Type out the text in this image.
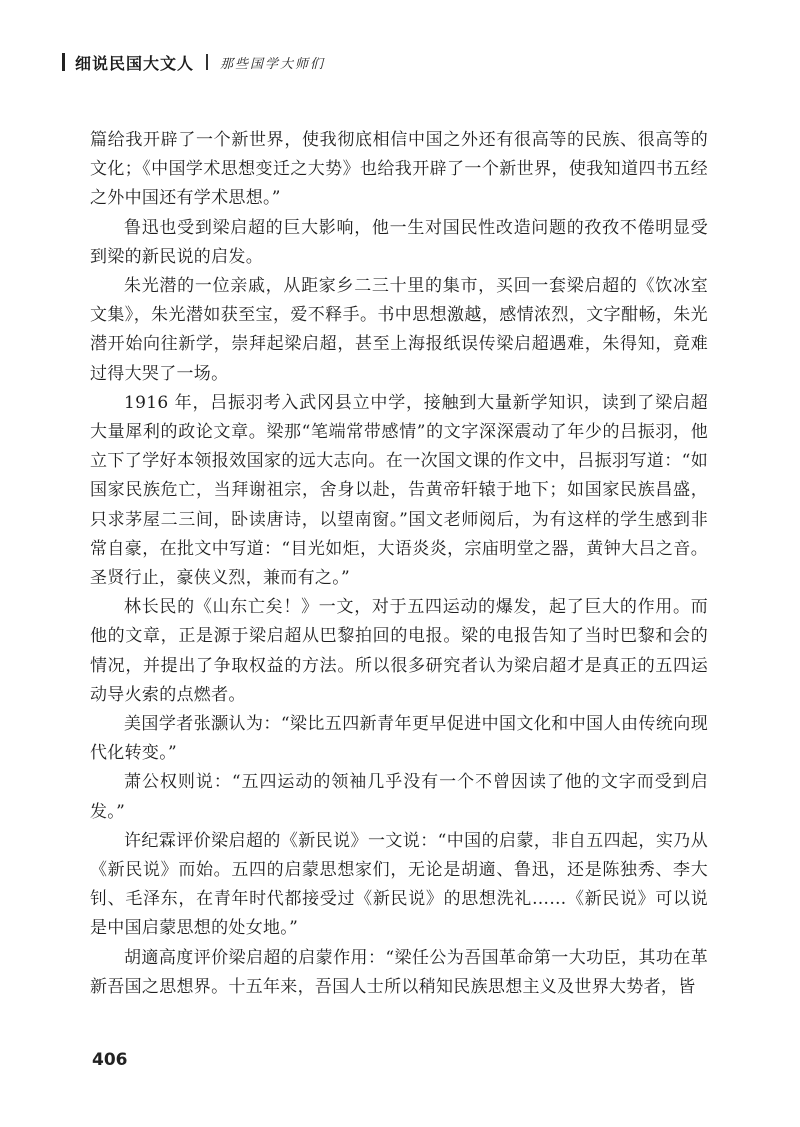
细说民国大文人 那些国学大师们

篇给我开辟了一个新世界，使我彻底相信中国之外还有很高等的民族、很高等的文化；《中国学术思想变迁之大势》也给我开辟了一个新世界，使我知道四书五经之外中国还有学术思想。”

鲁迅也受到梁启超的巨大影响，他一生对国民性改造问题的孜孜不倦明显受到梁的新民说的启发。

朱光潜的一位亲戚，从距家乡二三十里的集市，买回一套梁启超的《饮冰室文集》，朱光潜如获至宝，爱不释手。书中思想激越，感情浓烈，文字酣畅，朱光潜开始向往新学，崇拜起梁启超，甚至上海报纸误传梁启超遇难，朱得知，竟难过得大哭了一场。

1916 年，吕振羽考入武冈县立中学，接触到大量新学知识，读到了梁启超大量犀利的政论文章。梁那“笔端常带感情”的文字深深震动了年少的吕振羽，他立下了学好本领报效国家的远大志向。在一次国文课的作文中，吕振羽写道：“如国家民族危亡，当拜谢祖宗，舍身以赴，告黄帝轩辕于地下；如国家民族昌盛，只求茅屋二三间，卧读唐诗，以望南窗。”国文老师阅后，为有这样的学生感到非常自豪，在批文中写道：“目光如炬，大语炎炎，宗庙明堂之器，黄钟大吕之音。圣贤行止，豪侠义烈，兼而有之。”

林长民的《山东亡矣！》一文，对于五四运动的爆发，起了巨大的作用。而他的文章，正是源于梁启超从巴黎拍回的电报。梁的电报告知了当时巴黎和会的情况，并提出了争取权益的方法。所以很多研究者认为梁启超才是真正的五四运动导火索的点燃者。

美国学者张灏认为：“梁比五四新青年更早促进中国文化和中国人由传统向现代化转变。”

萧公权则说：“五四运动的领袖几乎没有一个不曾因读了他的文字而受到启发。”

许纪霖评价梁启超的《新民说》一文说：“中国的启蒙，非自五四起，实乃从《新民说》而始。五四的启蒙思想家们，无论是胡適、鲁迅，还是陈独秀、李大钊、毛泽东，在青年时代都接受过《新民说》的思想洗礼……《新民说》可以说是中国启蒙思想的处女地。”

胡適高度评价梁启超的启蒙作用：“梁任公为吾国革命第一大功臣，其功在革新吾国之思想界。十五年来，吾国人士所以稍知民族思想主义及世界大势者，皆

406
